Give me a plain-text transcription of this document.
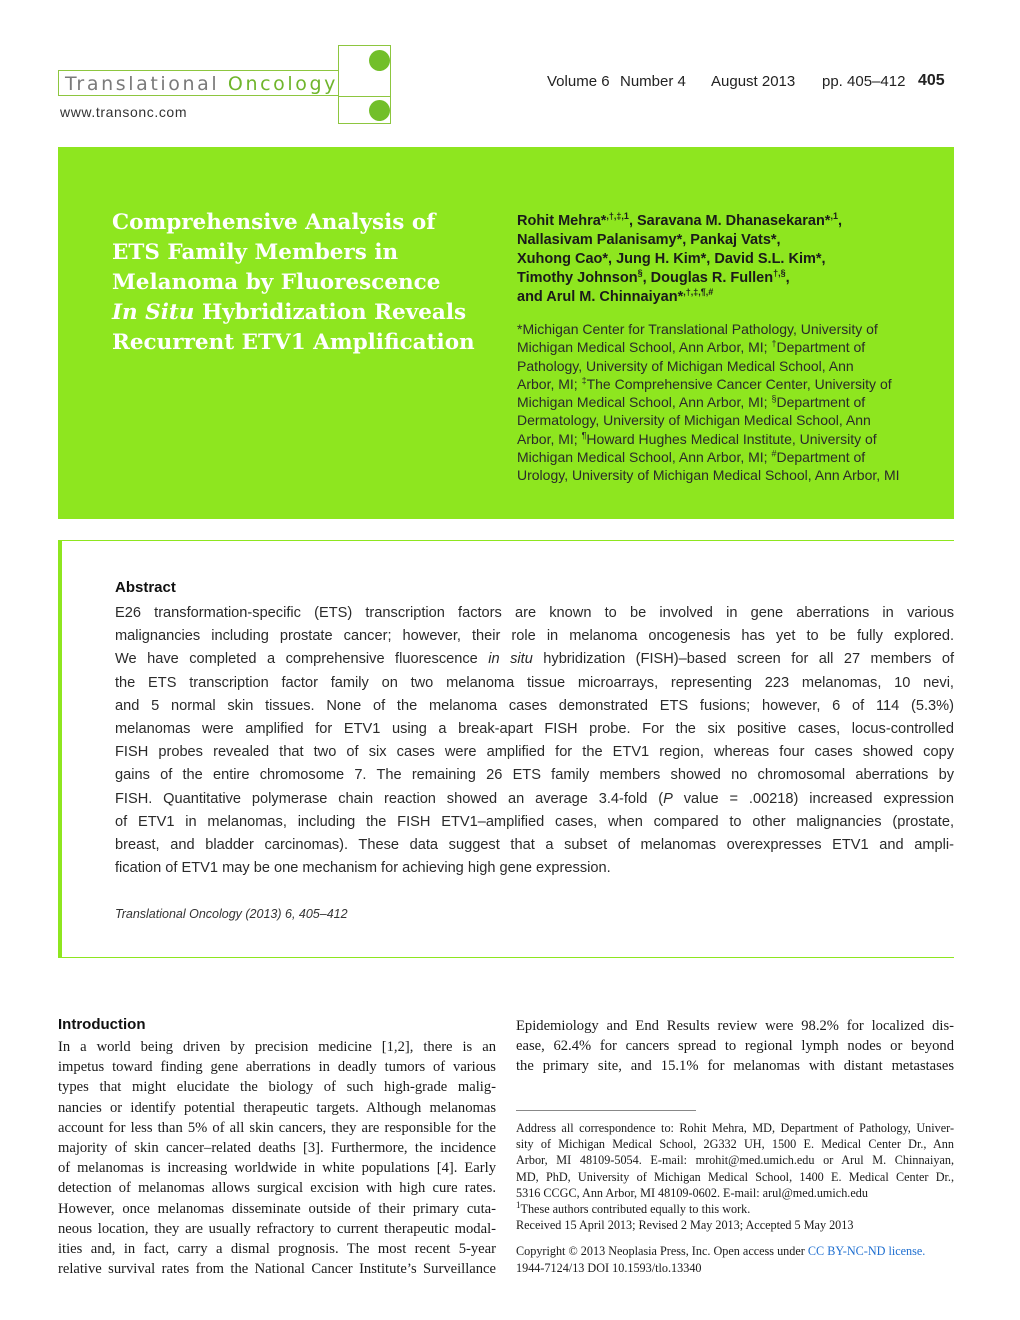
Translational Oncology
www.transonc.com
Volume 6 Number 4 August 2013 pp. 405–412 405
Comprehensive Analysis of
ETS Family Members in
Melanoma by Fluorescence
In Situ Hybridization Reveals
Recurrent ETV1 Amplification
Rohit Mehra*$^{,\dagger,\ddagger,1}$, Saravana M. Dhanasekaran*$^{,1}$,
Nallasivam Palanisamy*, Pankaj Vats*,
Xuhong Cao*, Jung H. Kim*, David S.L. Kim*,
Timothy Johnson§, Douglas R. Fullen†,§,
and Arul M. Chinnaiyan*,†,‡,¶,#
*Michigan Center for Translational Pathology, University of
Michigan Medical School, Ann Arbor, MI; †Department of
Pathology, University of Michigan Medical School, Ann
Arbor, MI; ‡The Comprehensive Cancer Center, University of
Michigan Medical School, Ann Arbor, MI; §Department of
Dermatology, University of Michigan Medical School, Ann
Arbor, MI; ¶Howard Hughes Medical Institute, University of
Michigan Medical School, Ann Arbor, MI; #Department of
Urology, University of Michigan Medical School, Ann Arbor, MI
Abstract
E26 transformation-specific (ETS) transcription factors are known to be involved in gene aberrations in various
malignancies including prostate cancer; however, their role in melanoma oncogenesis has yet to be fully explored.
We have completed a comprehensive fluorescence in situ hybridization (FISH)–based screen for all 27 members of
the ETS transcription factor family on two melanoma tissue microarrays, representing 223 melanomas, 10 nevi,
and 5 normal skin tissues. None of the melanoma cases demonstrated ETS fusions; however, 6 of 114 (5.3%)
melanomas were amplified for ETV1 using a break-apart FISH probe. For the six positive cases, locus-controlled
FISH probes revealed that two of six cases were amplified for the ETV1 region, whereas four cases showed copy
gains of the entire chromosome 7. The remaining 26 ETS family members showed no chromosomal aberrations by
FISH. Quantitative polymerase chain reaction showed an average 3.4-fold (P value = .00218) increased expression
of ETV1 in melanomas, including the FISH ETV1–amplified cases, when compared to other malignancies (prostate,
breast, and bladder carcinomas). These data suggest that a subset of melanomas overexpresses ETV1 and ampli-
fication of ETV1 may be one mechanism for achieving high gene expression.
Translational Oncology (2013) 6, 405–412
Introduction
In a world being driven by precision medicine [1,2], there is an
impetus toward finding gene aberrations in deadly tumors of various
types that might elucidate the biology of such high-grade malig-
nancies or identify potential therapeutic targets. Although melanomas
account for less than 5% of all skin cancers, they are responsible for the
majority of skin cancer–related deaths [3]. Furthermore, the incidence
of melanomas is increasing worldwide in white populations [4]. Early
detection of melanomas allows surgical excision with high cure rates.
However, once melanomas disseminate outside of their primary cuta-
neous location, they are usually refractory to current therapeutic modal-
ities and, in fact, carry a dismal prognosis. The most recent 5-year
relative survival rates from the National Cancer Institute’s Surveillance
Epidemiology and End Results review were 98.2% for localized dis-
ease, 62.4% for cancers spread to regional lymph nodes or beyond
the primary site, and 15.1% for melanomas with distant metastases
Address all correspondence to: Rohit Mehra, MD, Department of Pathology, Univer-
sity of Michigan Medical School, 2G332 UH, 1500 E. Medical Center Dr., Ann
Arbor, MI 48109-5054. E-mail: mrohit@med.umich.edu or Arul M. Chinnaiyan,
MD, PhD, University of Michigan Medical School, 1400 E. Medical Center Dr.,
5316 CCGC, Ann Arbor, MI 48109-0602. E-mail: arul@med.umich.edu
$^1$These authors contributed equally to this work.
Received 15 April 2013; Revised 2 May 2013; Accepted 5 May 2013
Copyright © 2013 Neoplasia Press, Inc. Open access under CC BY-NC-ND license.
1944-7124/13 DOI 10.1593/tlo.13340
